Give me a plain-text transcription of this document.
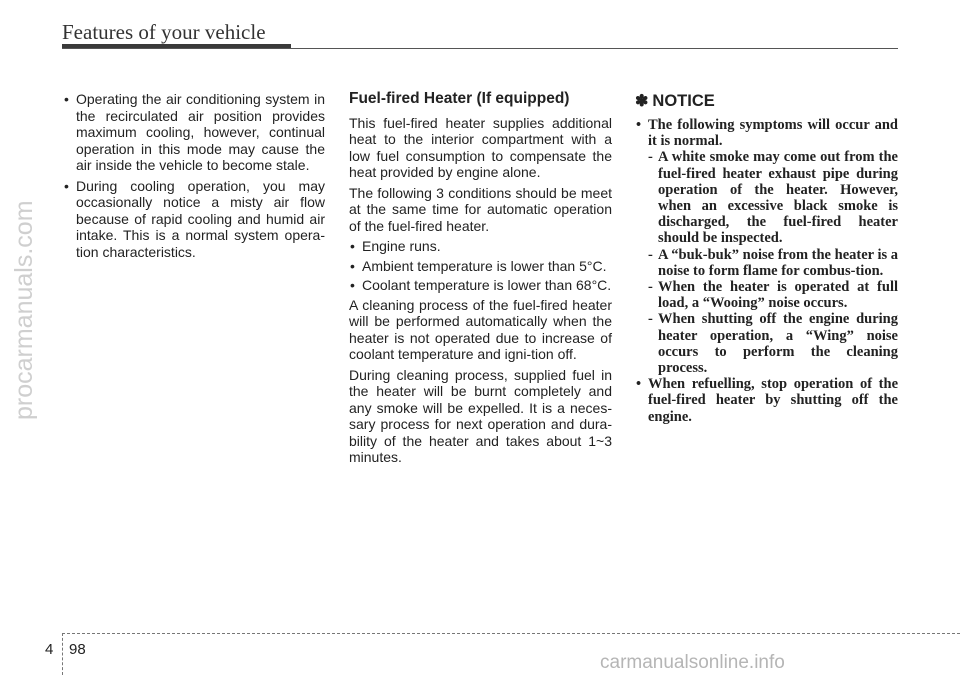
Features of your vehicle
procarmanuals.com
• Operating the air conditioning system in the recirculated air position provides maximum cooling, however, continual operation in this mode may cause the air inside the vehicle to become stale.
• During cooling operation, you may occasionally notice a misty air flow because of rapid cooling and humid air intake. This is a normal system opera-tion characteristics.
Fuel-fired Heater (If equipped)

This fuel-fired heater supplies additional heat to the interior compartment with a low fuel consumption to compensate the heat provided by engine alone.

The following 3 conditions should be meet at the same time for automatic operation of the fuel-fired heater.

• Engine runs.
• Ambient temperature is lower than 5°C.
• Coolant temperature is lower than 68°C.

A cleaning process of the fuel-fired heater will be performed automatically when the heater is not operated due to increase of coolant temperature and igni-tion off.

During cleaning process, supplied fuel in the heater will be burnt completely and any smoke will be expelled. It is a neces-sary process for next operation and dura-bility of the heater and takes about 1~3 minutes.

✽ NOTICE
• The following symptoms will occur and it is normal.
- A white smoke may come out from the fuel-fired heater exhaust pipe during operation of the heater. However, when an excessive black smoke is discharged, the fuel-fired heater should be inspected.
- A “buk-buk” noise from the heater is a noise to form flame for combus-tion.
- When the heater is operated at full load, a “Wooing” noise occurs.
- When shutting off the engine during heater operation, a “Wing” noise occurs to perform the cleaning process.
• When refuelling, stop operation of the fuel-fired heater by shutting off the engine.
4 98
carmanualsonline.info
